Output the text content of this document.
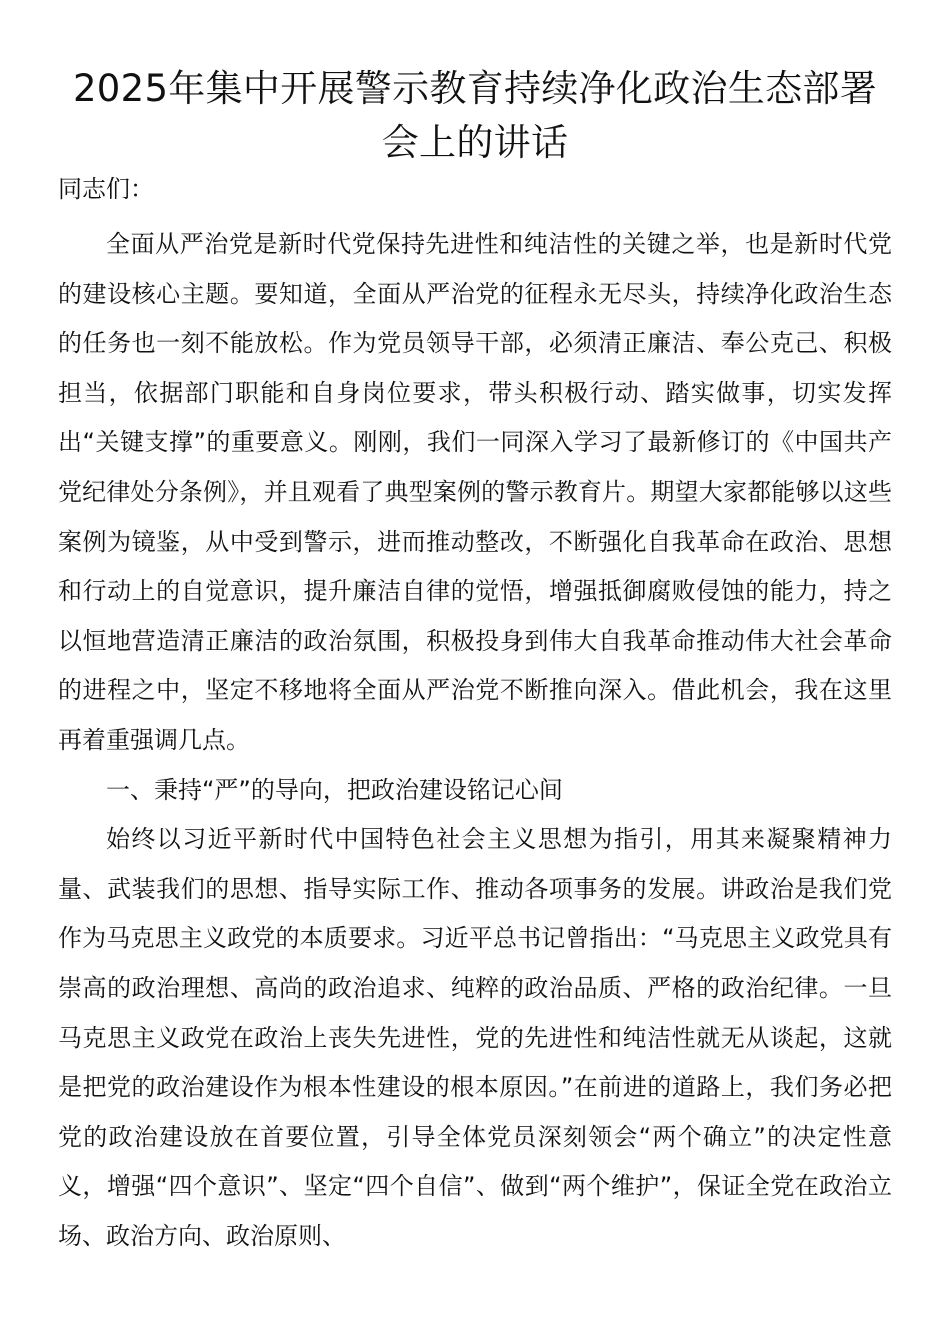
2025年集中开展警示教育持续净化政治生态部署会上的讲话

同志们：

全面从严治党是新时代党保持先进性和纯洁性的关键之举，也是新时代党的建设核心主题。要知道，全面从严治党的征程永无尽头，持续净化政治生态的任务也一刻不能放松。作为党员领导干部，必须清正廉洁、奉公克己、积极担当，依据部门职能和自身岗位要求，带头积极行动、踏实做事，切实发挥出“关键支撑”的重要意义。刚刚，我们一同深入学习了最新修订的《中国共产党纪律处分条例》，并且观看了典型案例的警示教育片。期望大家都能够以这些案例为镜鉴，从中受到警示，进而推动整改，不断强化自我革命在政治、思想和行动上的自觉意识，提升廉洁自律的觉悟，增强抵御腐败侵蚀的能力，持之以恒地营造清正廉洁的政治氛围，积极投身到伟大自我革命推动伟大社会革命的进程之中，坚定不移地将全面从严治党不断推向深入。借此机会，我在这里再着重强调几点。

一、秉持“严”的导向，把政治建设铭记心间

始终以习近平新时代中国特色社会主义思想为指引，用其来凝聚精神力量、武装我们的思想、指导实际工作、推动各项事务的发展。讲政治是我们党作为马克思主义政党的本质要求。习近平总书记曾指出：“马克思主义政党具有崇高的政治理想、高尚的政治追求、纯粹的政治品质、严格的政治纪律。一旦马克思主义政党在政治上丧失先进性，党的先进性和纯洁性就无从谈起，这就是把党的政治建设作为根本性建设的根本原因。”在前进的道路上，我们务必把党的政治建设放在首要位置，引导全体党员深刻领会“两个确立”的决定性意义，增强“四个意识”、坚定“四个自信”、做到“两个维护”，保证全党在政治立场、政治方向、政治原则、
